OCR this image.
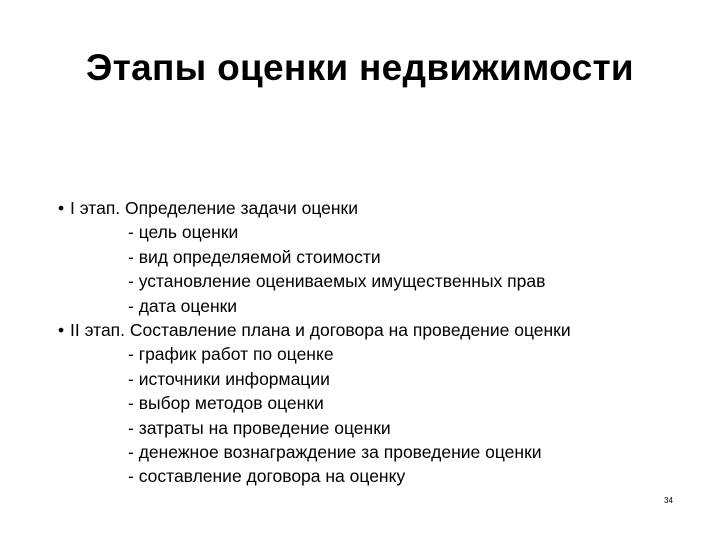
Этапы оценки недвижимости
• I этап. Определение задачи оценки
- цель оценки
- вид определяемой стоимости
- установление оцениваемых имущественных прав
- дата оценки
• II этап. Составление плана и договора на проведение оценки
- график работ по оценке
- источники информации
- выбор методов оценки
- затраты на проведение оценки
- денежное вознаграждение за проведение оценки
- составление договора на оценку
34
